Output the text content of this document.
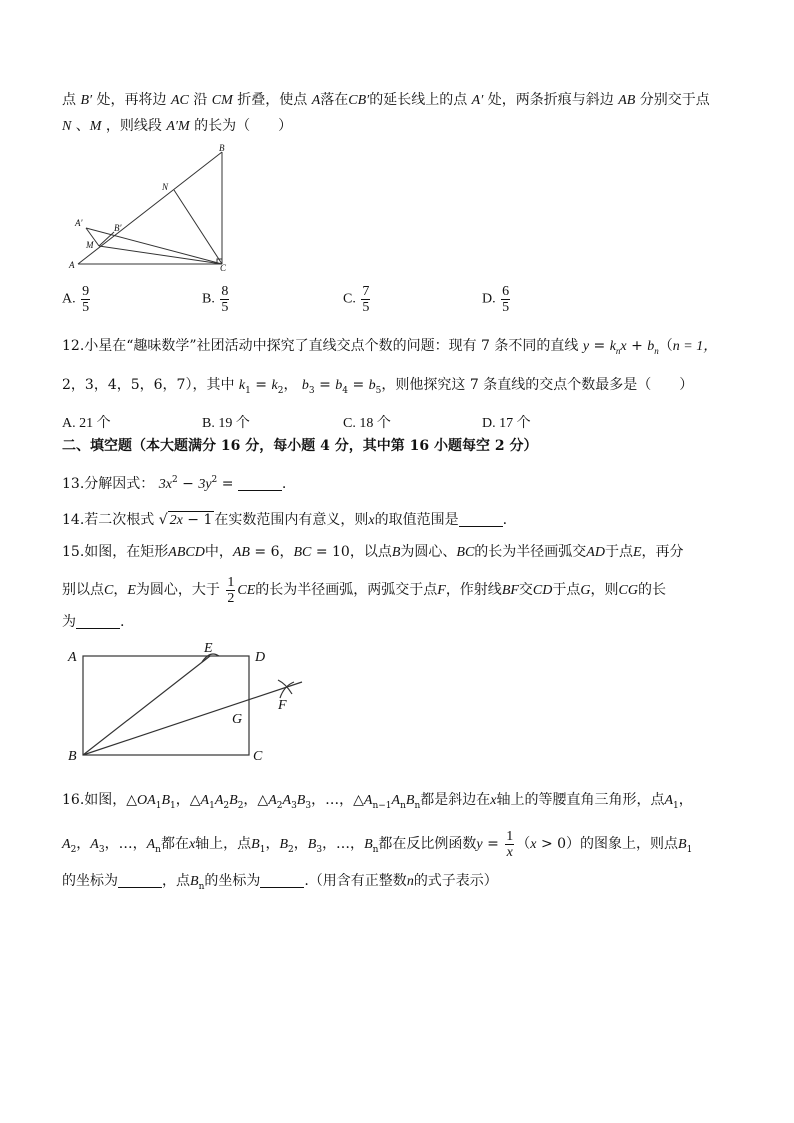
点 B′ 处，再将边 AC 沿 CM 折叠，使点 A落在CB′的延长线上的点 A′ 处，两条折痕与斜边 AB 分别交于点
N 、M ，则线段 A′M 的长为（　　）
B
N
A'	B'
M
A	C
A. $\frac{9}{5}$	B. $\frac{8}{5}$	C. $\frac{7}{5}$	D. $\frac{6}{5}$
12.小星在“趣味数学”社团活动中探究了直线交点个数的问题：现有 7 条不同的直线 $y = k_nx + b_n(n = 1$，
2，3，4，5，6，7），其中 $k_1 = k_2$， $b_3 = b_4 = b_5$，则他探究这 7 条直线的交点个数最多是（　　）
A. 21 个	B. 19 个	C. 18 个	D. 17 个
二、填空题（本大题满分 16 分，每小题 4 分，其中第 16 小题每空 2 分）
13.分解因式： $3x^2 - 3y^2$ =	.
14.若二次根式 √ 2x − 1 在实数范围内有意义，则x的取值范围是	.
15.如图，在矩形ABCD中，AB = 6，BC = 10，以点B为圆心、BC的长为半径画弧交AD于点E，再分
别以点C，E为圆心，大于 $\frac{1}{2}$ CE的长为半径画弧，两弧交于点F，作射线BF交CD于点G，则CG的长
为	.
A
E
D
F
G
B	C
16.如图，$\triangle OA_1B_1$，$\triangle A_1A_2B_2$，$\triangle A_2A_3B_3$，…，$\triangle A_{n-1}A_nB_n$都是斜边在x轴上的等腰直角三角形，点$A_1$，
$A_2$，$A_3$，…，$A_n$都在x轴上，点$B_1$，$B_2$，$B_3$，…，$B_n$都在反比例函数$y = \frac{1}{x} (x > 0)$的图象上，则点$B_1$
的坐标为	，点$B_n$的坐标为	.（用含有正整数n的式子表示）
